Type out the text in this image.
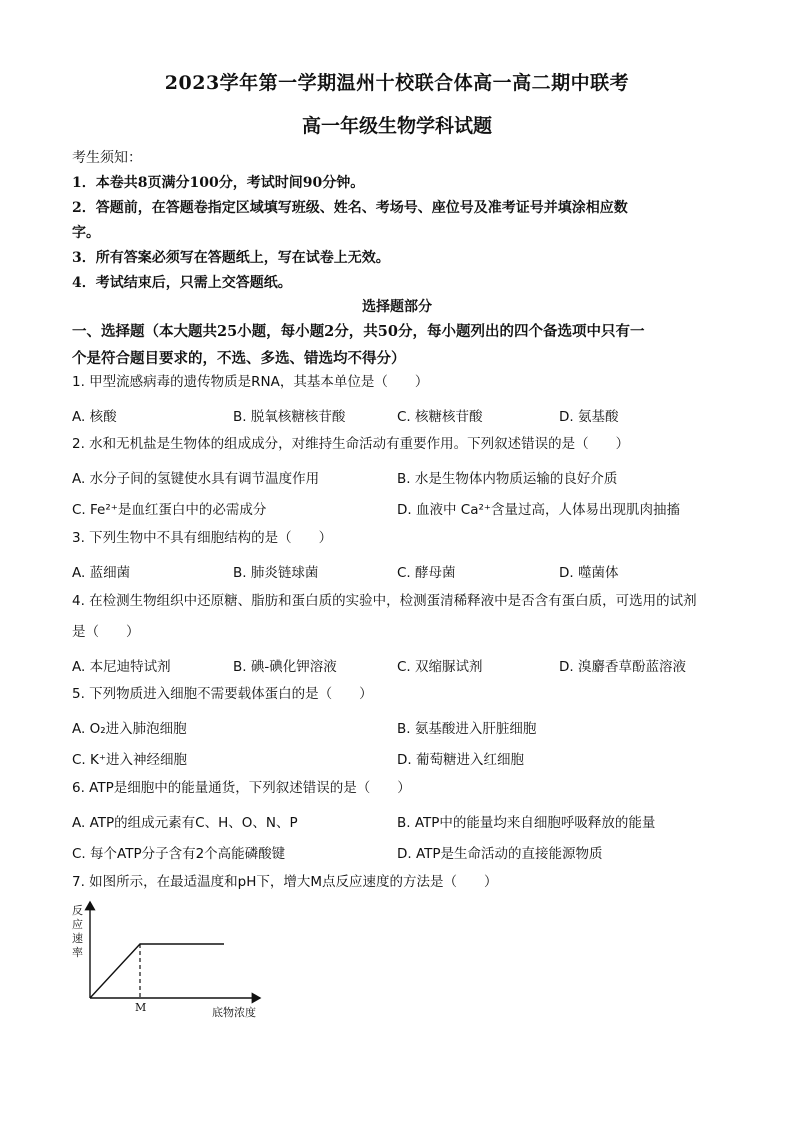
2023学年第一学期温州十校联合体高一高二期中联考
高一年级生物学科试题
考生须知：
1．本卷共8页满分100分，考试时间90分钟。
2．答题前，在答题卷指定区域填写班级、姓名、考场号、座位号及准考证号并填涂相应数
字。
3．所有答案必须写在答题纸上，写在试卷上无效。
4．考试结束后，只需上交答题纸。
选择题部分
一、选择题（本大题共25小题，每小题2分，共50分，每小题列出的四个备选项中只有一
个是符合题目要求的，不选、多选、错选均不得分）
1. 甲型流感病毒的遗传物质是RNA，其基本单位是（　　）
A. 核酸	B. 脱氧核糖核苷酸	C. 核糖核苷酸	D. 氨基酸
2. 水和无机盐是生物体的组成成分，对维持生命活动有重要作用。下列叙述错误的是（　　）
A. 水分子间的氢键使水具有调节温度作用	B. 水是生物体内物质运输的良好介质
C. Fe²⁺是血红蛋白中的必需成分	D. 血液中 Ca²⁺含量过高，人体易出现肌肉抽搐
3. 下列生物中不具有细胞结构的是（　　）
A. 蓝细菌	B. 肺炎链球菌	C. 酵母菌	D. 噬菌体
4. 在检测生物组织中还原糖、脂肪和蛋白质的实验中，检测蛋清稀释液中是否含有蛋白质，可选用的试剂
是（　　）
A. 本尼迪特试剂	B. 碘-碘化钾溶液	C. 双缩脲试剂	D. 溴麝香草酚蓝溶液
5. 下列物质进入细胞不需要载体蛋白的是（　　）
A. O₂进入肺泡细胞	B. 氨基酸进入肝脏细胞
C. K⁺进入神经细胞	D. 葡萄糖进入红细胞
6. ATP是细胞中的能量通货，下列叙述错误的是（　　）
A. ATP的组成元素有C、H、O、N、P	B. ATP中的能量均来自细胞呼吸释放的能量
C. 每个ATP分子含有2个高能磷酸键	D. ATP是生命活动的直接能源物质
7. 如图所示，在最适温度和pH下，增大M点反应速度的方法是（　　）
反
应
速
率
M	底物浓度
